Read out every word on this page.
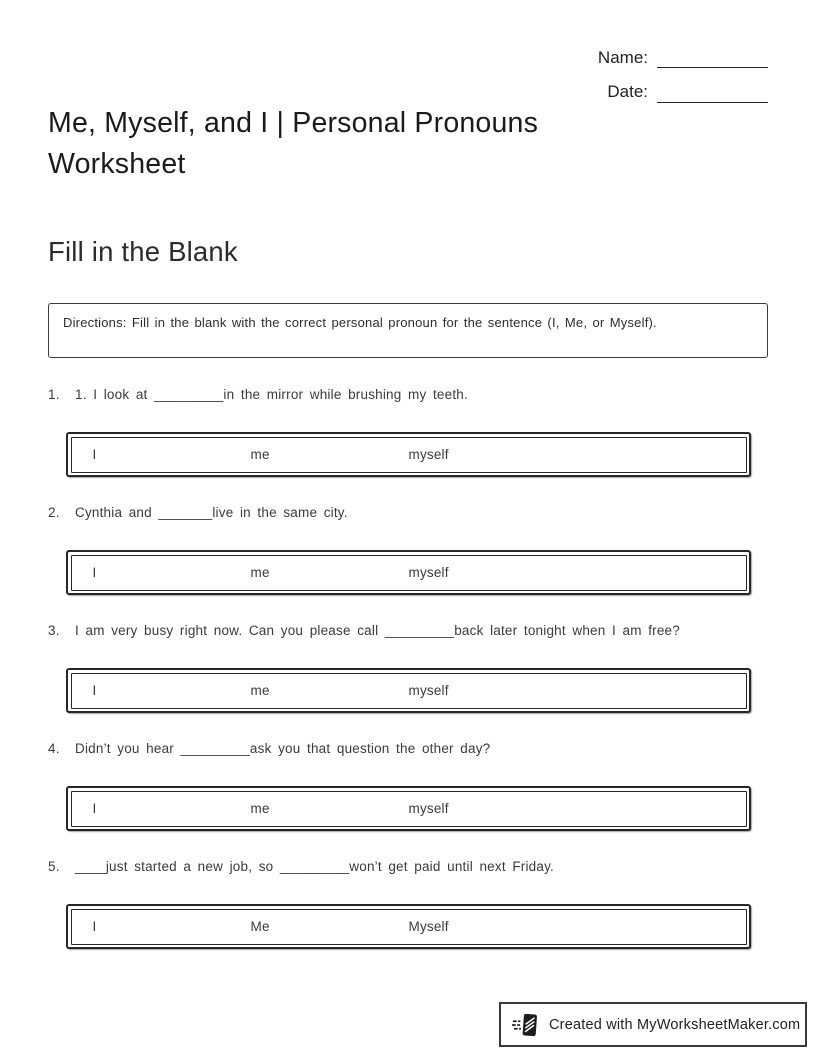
Name:
Date:
Me, Myself, and I | Personal Pronouns Worksheet
Fill in the Blank
Directions: Fill in the blank with the correct personal pronoun for the sentence (I, Me, or Myself).
1.	1. I look at _________in the mirror while brushing my teeth.
I	me	myself
2.	Cynthia and _______live in the same city.
I	me	myself
3.	I am very busy right now. Can you please call _________back later tonight when I am free?
I	me	myself
4.	Didn’t you hear _________ask you that question the other day?
I	me	myself
5.	____just started a new job, so _________won’t get paid until next Friday.
I	Me	Myself
Created with MyWorksheetMaker.com
